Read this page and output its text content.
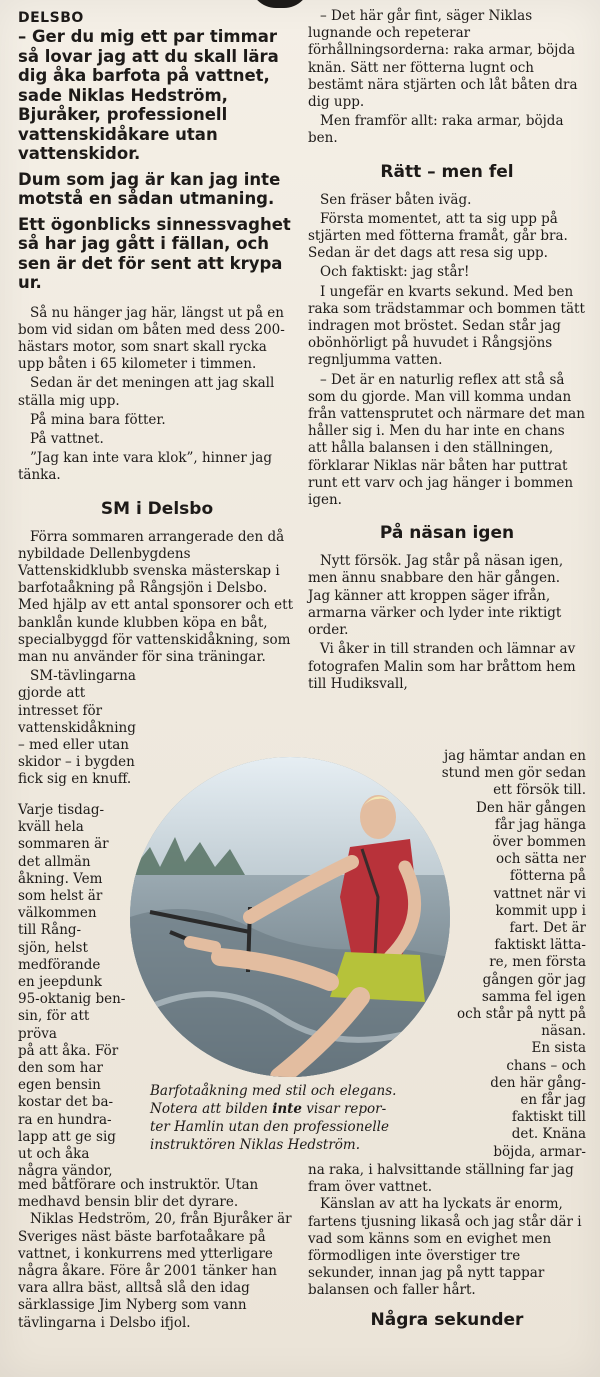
DELSBO

– Ger du mig ett par timmar så lovar jag att du skall lära dig åka barfota på vattnet, sade Niklas Hedström, Bjuråker, professionell vattenskidåkare utan vattenskidor.

Dum som jag är kan jag inte motstå en sådan utmaning.

Ett ögonblicks sinnessvaghet så har jag gått i fällan, och sen är det för sent att krypa ur.

Så nu hänger jag här, längst ut på en bom vid sidan om båten med dess 200-hästars motor, som snart skall rycka upp båten i 65 kilometer i timmen.

Sedan är det meningen att jag skall ställa mig upp.

På mina bara fötter.

På vattnet.

”Jag kan inte vara klok”, hinner jag tänka.

SM i Delsbo

Förra sommaren arrangerade den då nybildade Dellenbygdens Vattenskidklubb svenska mästerskap i barfotaåkning på Rångsjön i Delsbo. Med hjälp av ett antal sponsorer och ett banklån kunde klubben köpa en båt, specialbyggd för vattenskidåkning, som man nu använder för sina träningar.

SM-tävlingarna gjorde att intresset för vattenskidåkning – med eller utan skidor – i bygden fick sig en knuff.

Varje tisdag-

kväll hela

sommaren är

det allmän

åkning. Vem

som helst är

välkommen

till Rång-

sjön, helst

medförande

en jeepdunk

95-oktanig ben-

sin, för att pröva

på att åka. För

den som har

egen bensin

kostar det ba-

ra en hundra-

lapp att ge sig

ut och åka

några vändor,

med båtförare och instruktör. Utan medhavd bensin blir det dyrare.

Niklas Hedström, 20, från Bjuråker är Sveriges näst bäste barfotaåkare på vattnet, i konkurrens med ytterligare några åkare. Före år 2001 tänker han vara allra bäst, alltså slå den idag särklassige Jim Nyberg som vann tävlingarna i Delsbo ifjol.

– Det här går fint, säger Niklas lugnande och repeterar förhållningsorderna: raka armar, böjda knän. Sätt ner fötterna lugnt och bestämt nära stjärten och låt båten dra dig upp.

Men framför allt: raka armar, böjda ben.

Rätt – men fel

Sen fräser båten iväg.

Första momentet, att ta sig upp på stjärten med fötterna framåt, går bra. Sedan är det dags att resa sig upp.

Och faktiskt: jag står!

I ungefär en kvarts sekund. Med ben raka som trädstammar och bommen tätt indragen mot bröstet. Sedan står jag obönhörligt på huvudet i Rångsjöns regnljumma vatten.

– Det är en naturlig reflex att stå så som du gjorde. Man vill komma undan från vattensprutet och närmare det man håller sig i. Men du har inte en chans att hålla balansen i den ställningen, förklarar Niklas när båten har puttrat runt ett varv och jag hänger i bommen igen.

På näsan igen

Nytt försök. Jag står på näsan igen, men ännu snabbare den här gången. Jag känner att kroppen säger ifrån, armarna värker och lyder inte riktigt order.

Vi åker in till stranden och lämnar av fotografen Malin som har bråttom hem till Hudiksvall,

jag hämtar andan en

stund men gör sedan

ett försök till.

Den här gången

får jag hänga

över bommen

och sätta ner

fötterna på

vattnet när vi

kommit upp i

fart. Det är

faktiskt lätta-

re, men första

gången gör jag

samma fel igen

och står på nytt på

näsan.

En sista

chans – och

den här gång-

en får jag

faktiskt till

det. Knäna

böjda, armar-

na raka, i halvsittande ställning far jag fram över vattnet.

Känslan av att ha lyckats är enorm, fartens tjusning likaså och jag står där i vad som känns som en evighet men förmodligen inte överstiger tre sekunder, innan jag på nytt tappar balansen och faller hårt.

Några sekunder
Barfotaåkning med stil och elegans.
Notera att bilden inte visar repor-
ter Hamlin utan den professionelle
instruktören Niklas Hedström.
